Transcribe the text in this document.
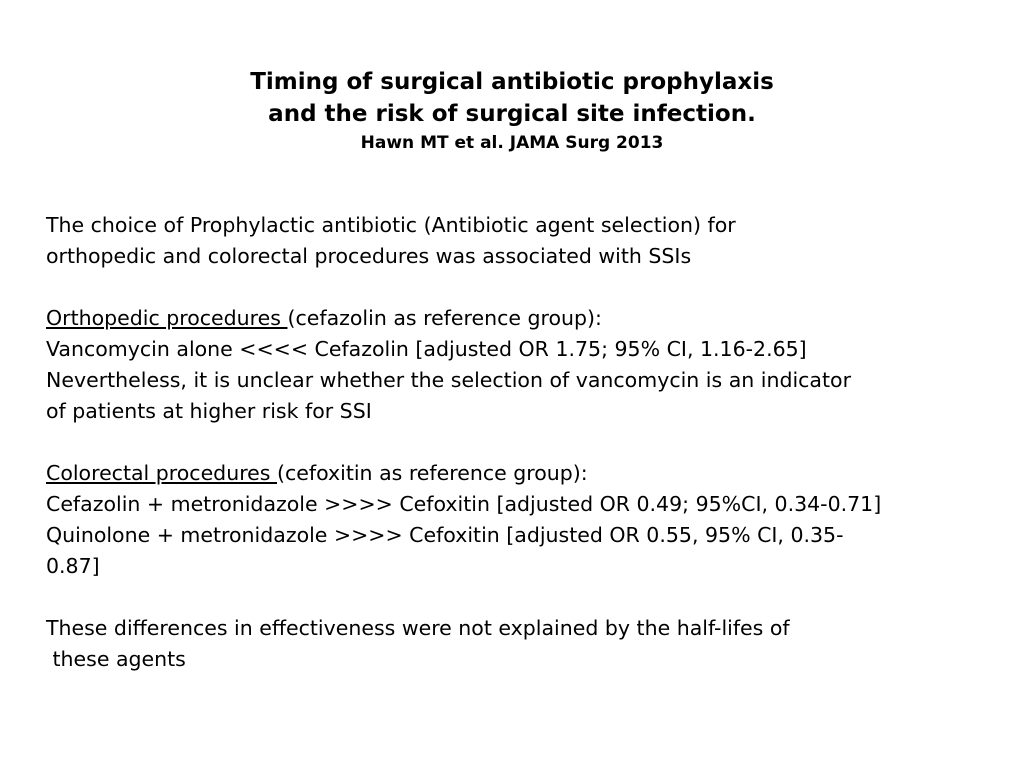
Timing of surgical antibiotic prophylaxis
and the risk of surgical site infection.
Hawn MT et al. JAMA Surg 2013
The choice of Prophylactic antibiotic (Antibiotic agent selection) for
orthopedic and colorectal procedures was associated with SSIs
Orthopedic procedures (cefazolin as reference group):
Vancomycin alone <<<< Cefazolin [adjusted OR 1.75; 95% CI, 1.16-2.65]
Nevertheless, it is unclear whether the selection of vancomycin is an indicator
of patients at higher risk for SSI
Colorectal procedures (cefoxitin as reference group):
Cefazolin + metronidazole >>>> Cefoxitin [adjusted OR 0.49; 95%CI, 0.34-0.71]
Quinolone + metronidazole >>>> Cefoxitin [adjusted OR 0.55, 95% CI, 0.35-
0.87]
These differences in effectiveness were not explained by the half-lifes of
these agents
